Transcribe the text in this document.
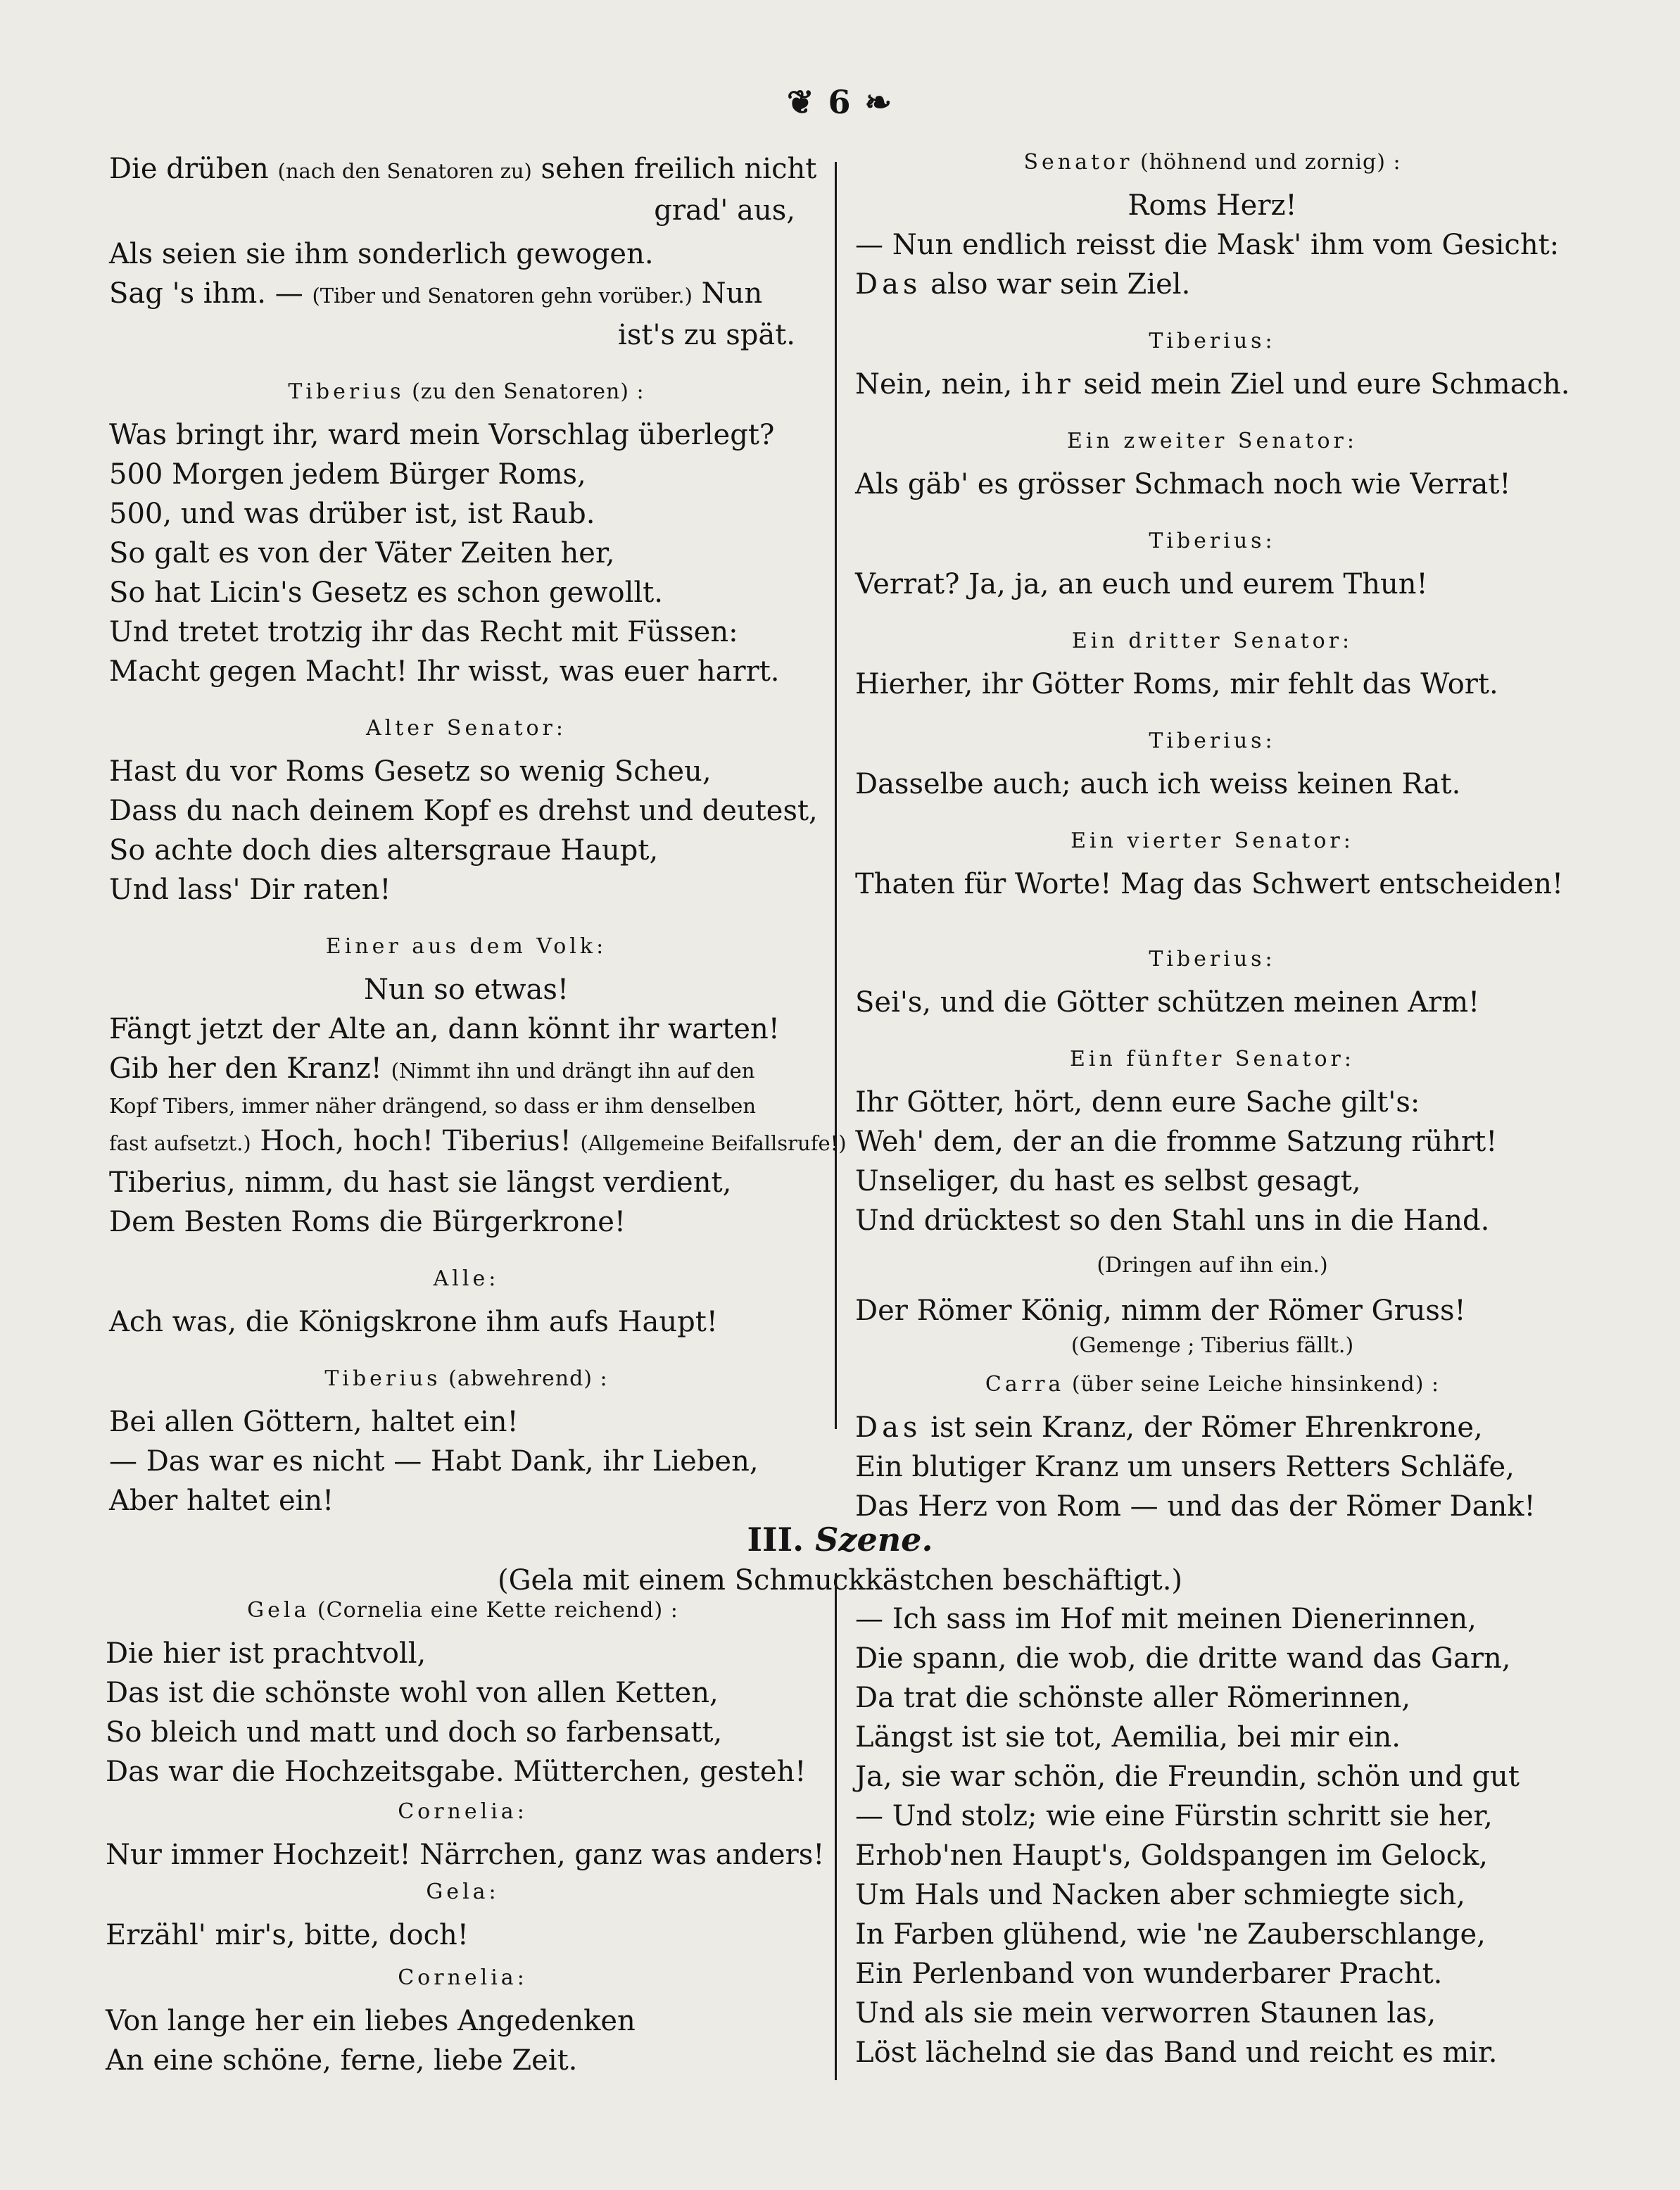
❦ 6 ❧
Die drüben (nach den Senatoren zu) sehen freilich nicht
grad' aus,
Als seien sie ihm sonderlich gewogen.
Sag 's ihm. — (Tiber und Senatoren gehn vorüber.) Nun
ist's zu spät.
Tiberius (zu den Senatoren) :
Was bringt ihr, ward mein Vorschlag überlegt?
500 Morgen jedem Bürger Roms,
500, und was drüber ist, ist Raub.
So galt es von der Väter Zeiten her,
So hat Licin's Gesetz es schon gewollt.
Und tretet trotzig ihr das Recht mit Füssen:
Macht gegen Macht! Ihr wisst, was euer harrt.
Alter Senator:
Hast du vor Roms Gesetz so wenig Scheu,
Dass du nach deinem Kopf es drehst und deutest,
So achte doch dies altersgraue Haupt,
Und lass' Dir raten!
Einer aus dem Volk:
Nun so etwas!
Fängt jetzt der Alte an, dann könnt ihr warten!
Gib her den Kranz! (Nimmt ihn und drängt ihn auf den
Kopf Tibers, immer näher drängend, so dass er ihm denselben
fast aufsetzt.) Hoch, hoch! Tiberius! (Allgemeine Beifallsrufe!)
Tiberius, nimm, du hast sie längst verdient,
Dem Besten Roms die Bürgerkrone!
Alle:
Ach was, die Königskrone ihm aufs Haupt!
Tiberius (abwehrend) :
Bei allen Göttern, haltet ein!
— Das war es nicht — Habt Dank, ihr Lieben,
Aber haltet ein!
Senator (höhnend und zornig) :
Roms Herz!
— Nun endlich reisst die Mask' ihm vom Gesicht:
Das also war sein Ziel.
Tiberius:
Nein, nein, ihr seid mein Ziel und eure Schmach.
Ein zweiter Senator:
Als gäb' es grösser Schmach noch wie Verrat!
Tiberius:
Verrat? Ja, ja, an euch und eurem Thun!
Ein dritter Senator:
Hierher, ihr Götter Roms, mir fehlt das Wort.
Tiberius:
Dasselbe auch; auch ich weiss keinen Rat.
Ein vierter Senator:
Thaten für Worte! Mag das Schwert entscheiden!
Tiberius:
Sei's, und die Götter schützen meinen Arm!
Ein fünfter Senator:
Ihr Götter, hört, denn eure Sache gilt's:
Weh' dem, der an die fromme Satzung rührt!
Unseliger, du hast es selbst gesagt,
Und drücktest so den Stahl uns in die Hand.
(Dringen auf ihn ein.)
Der Römer König, nimm der Römer Gruss!
(Gemenge ; Tiberius fällt.)
Carra (über seine Leiche hinsinkend) :
Das ist sein Kranz, der Römer Ehrenkrone,
Ein blutiger Kranz um unsers Retters Schläfe,
Das Herz von Rom — und das der Römer Dank!
III. Szene.
(Gela mit einem Schmuckkästchen beschäftigt.)
Gela (Cornelia eine Kette reichend) :
Die hier ist prachtvoll,
Das ist die schönste wohl von allen Ketten,
So bleich und matt und doch so farbensatt,
Das war die Hochzeitsgabe. Mütterchen, gesteh!
Cornelia:
Nur immer Hochzeit! Närrchen, ganz was anders!
Gela:
Erzähl' mir's, bitte, doch!
Cornelia:
Von lange her ein liebes Angedenken
An eine schöne, ferne, liebe Zeit.
— Ich sass im Hof mit meinen Dienerinnen,
Die spann, die wob, die dritte wand das Garn,
Da trat die schönste aller Römerinnen,
Längst ist sie tot, Aemilia, bei mir ein.
Ja, sie war schön, die Freundin, schön und gut
— Und stolz; wie eine Fürstin schritt sie her,
Erhob'nen Haupt's, Goldspangen im Gelock,
Um Hals und Nacken aber schmiegte sich,
In Farben glühend, wie 'ne Zauberschlange,
Ein Perlenband von wunderbarer Pracht.
Und als sie mein verworren Staunen las,
Löst lächelnd sie das Band und reicht es mir.
